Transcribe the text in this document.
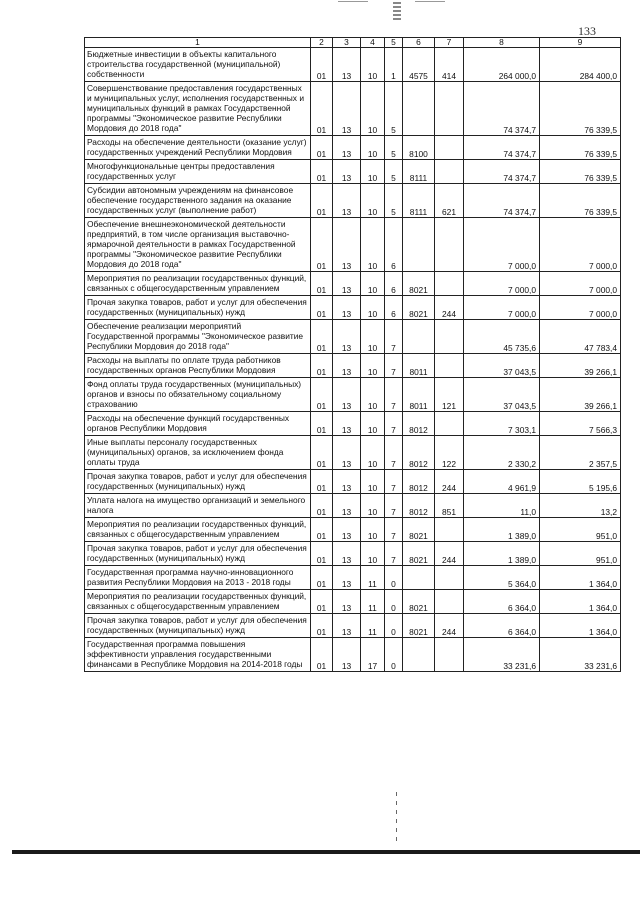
133
1	2	3	4	5	6	7	8	9
Бюджетные инвестиции в объекты капитального строительства государственной (муниципальной) собственности	01	13	10	1	4575	414	264 000,0	284 400,0
Совершенствование предоставления государственных и муниципальных услуг, исполнения государственных и муниципальных функций в рамках Государственной программы "Экономическое развитие Республики Мордовия до 2018 года"	01	13	10	5			74 374,7	76 339,5
Расходы на обеспечение деятельности (оказание услуг) государственных учреждений Республики Мордовия	01	13	10	5	8100		74 374,7	76 339,5
Многофункциональные центры предоставления государственных услуг	01	13	10	5	8111		74 374,7	76 339,5
Субсидии автономным учреждениям на финансовое обеспечение государственного задания на оказание государственных услуг (выполнение работ)	01	13	10	5	8111	621	74 374,7	76 339,5
Обеспечение внешнеэкономической деятельности предприятий, в том числе организация выставочно-ярмарочной деятельности в рамках Государственной программы "Экономическое развитие Республики Мордовия до 2018 года"	01	13	10	6			7 000,0	7 000,0
Мероприятия по реализации государственных функций, связанных с общегосударственным управлением	01	13	10	6	8021		7 000,0	7 000,0
Прочая закупка товаров, работ и услуг для обеспечения государственных (муниципальных) нужд	01	13	10	6	8021	244	7 000,0	7 000,0
Обеспечение реализации мероприятий Государственной программы "Экономическое развитие Республики Мордовия до 2018 года"	01	13	10	7			45 735,6	47 783,4
Расходы на выплаты по оплате труда работников государственных органов Республики Мордовия	01	13	10	7	8011		37 043,5	39 266,1
Фонд оплаты труда государственных (муниципальных) органов и взносы по обязательному социальному страхованию	01	13	10	7	8011	121	37 043,5	39 266,1
Расходы на обеспечение функций государственных органов Республики Мордовия	01	13	10	7	8012		7 303,1	7 566,3
Иные выплаты персоналу государственных (муниципальных) органов, за исключением фонда оплаты труда	01	13	10	7	8012	122	2 330,2	2 357,5
Прочая закупка товаров, работ и услуг для обеспечения государственных (муниципальных) нужд	01	13	10	7	8012	244	4 961,9	5 195,6
Уплата налога на имущество организаций и земельного налога	01	13	10	7	8012	851	11,0	13,2
Мероприятия по реализации государственных функций, связанных с общегосударственным управлением	01	13	10	7	8021		1 389,0	951,0
Прочая закупка товаров, работ и услуг для обеспечения государственных (муниципальных) нужд	01	13	10	7	8021	244	1 389,0	951,0
Государственная программа научно-инновационного развития Республики Мордовия на 2013 - 2018 годы	01	13	11	0			5 364,0	1 364,0
Мероприятия по реализации государственных функций, связанных с общегосударственным управлением	01	13	11	0	8021		6 364,0	1 364,0
Прочая закупка товаров, работ и услуг для обеспечения государственных (муниципальных) нужд	01	13	11	0	8021	244	6 364,0	1 364,0
Государственная программа повышения эффективности управления государственными финансами в Республике Мордовия на 2014-2018 годы	01	13	17	0			33 231,6	33 231,6
